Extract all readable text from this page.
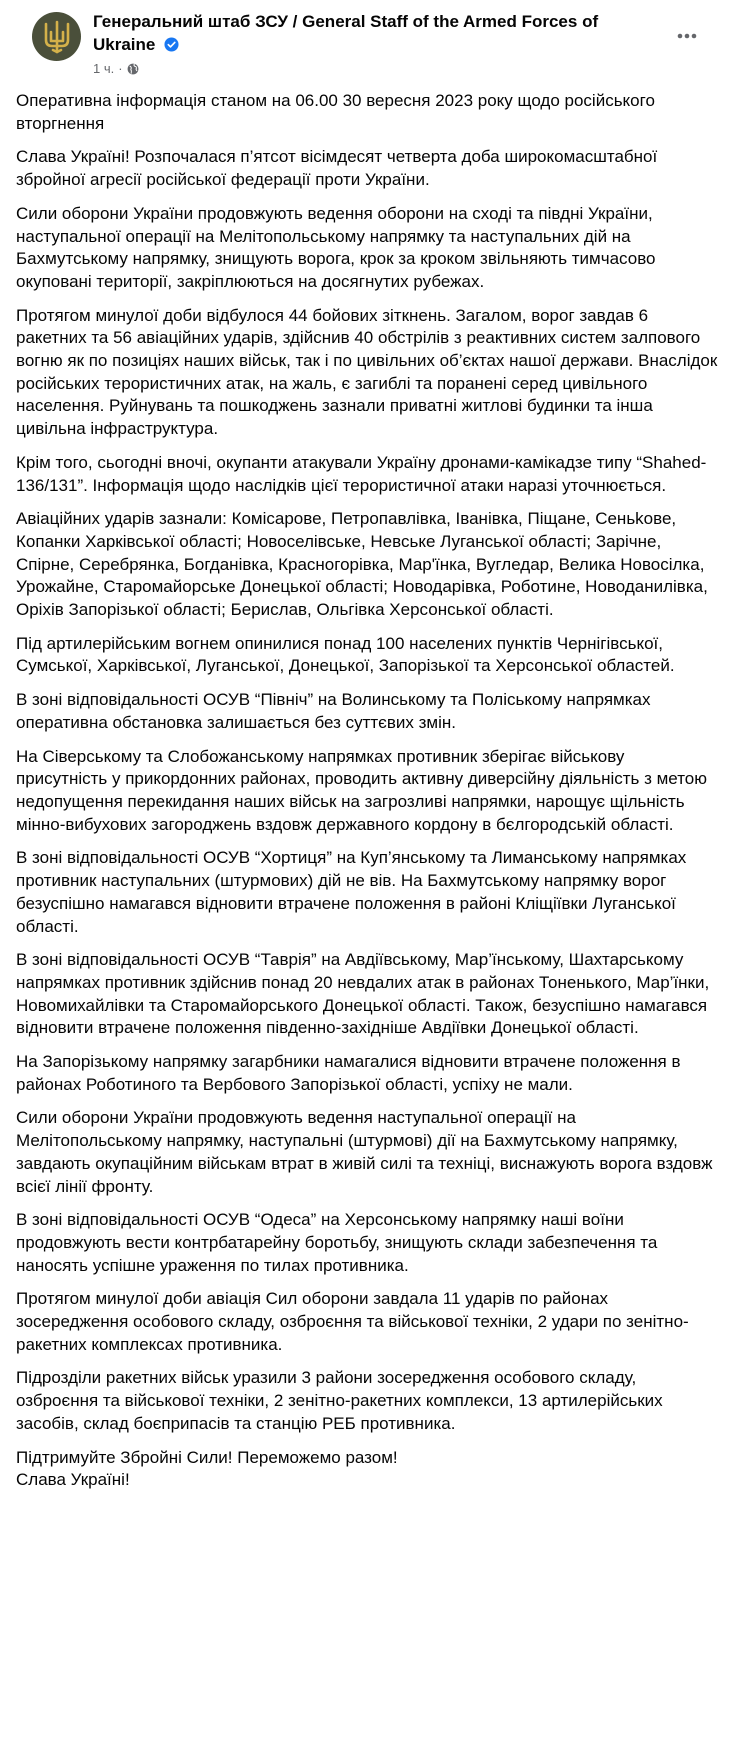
Генеральний штаб ЗСУ / General Staff of the Armed Forces of Ukraine
1 ч. ·

Оперативна інформація станом на 06.00 30 вересня 2023 року щодо російського вторгнення

Слава Україні! Розпочалася п’ятсот вісімдесят четверта доба широкомасштабної збройної агресії російської федерації проти України.

Сили оборони України продовжують ведення оборони на сході та півдні України, наступальної операції на Мелітопольському напрямку та наступальних дій на Бахмутському напрямку, знищують ворога, крок за кроком звільняють тимчасово окуповані території, закріплюються на досягнутих рубежах.

Протягом минулої доби відбулося 44 бойових зіткнень. Загалом, ворог завдав 6 ракетних та 56 авіаційних ударів, здійснив 40 обстрілів з реактивних систем залпового вогню як по позиціях наших військ, так і по цивільних об’єктах нашої держави. Внаслідок російських терористичних атак, на жаль, є загиблі та поранені серед цивільного населення. Руйнувань та пошкоджень зазнали приватні житлові будинки та інша цивільна інфраструктура.

Крім того, сьогодні вночі, окупанти атакували Україну дронами-камікадзе типу “Shahed-136/131”. Інформація щодо наслідків цієї терористичної атаки наразі уточнюється.

Авіаційних ударів зазнали: Комісарове, Петропавлівка, Іванівка, Піщане, Сеньkове, Копанки Харківської області; Новоселівське, Невське Луганської області; Зарічне, Спірне, Серебрянка, Богданівка, Красногорівка, Мар'їнка, Вугледар, Велика Новосілка, Урожайне, Старомайорське Донецької області; Новодарівка, Роботине, Новоданилівка, Оріхів Запорізької області; Берислав, Ольгівка Херсонської області.

Під артилерійським вогнем опинилися понад 100 населених пунктів Чернігівської, Сумської, Харківської, Луганської, Донецької, Запорізької та Херсонської областей.

В зоні відповідальності ОСУВ “Північ” на Волинському та Поліському напрямках оперативна обстановка залишається без суттєвих змін.

На Сіверському та Слобожанському напрямках противник зберігає військову присутність у прикордонних районах, проводить активну диверсійну діяльність з метою недопущення перекидання наших військ на загрозливі напрямки, нарощує щільність мінно-вибухових загороджень вздовж державного кордону в бєлгородській області.

В зоні відповідальності ОСУВ “Хортиця” на Куп’янському та Лиманському напрямках противник наступальних (штурмових) дій не вів. На Бахмутському напрямку ворог безуспішно намагався відновити втрачене положення в районі Кліщіївки Луганської області.

В зоні відповідальності ОСУВ “Таврія” на Авдіївському, Мар’їнському, Шахтарському напрямках противник здійснив понад 20 невдалих атак в районах Тоненького, Мар’їнки, Новомихайлівки та Старомайорського Донецької області. Також, безуспішно намагався відновити втрачене положення південно-західніше Авдіївки Донецької області.

На Запорізькому напрямку загарбники намагалися відновити втрачене положення в районах Роботиного та Вербового Запорізької області, успіху не мали.

Сили оборони України продовжують ведення наступальної операції на Мелітопольському напрямку, наступальні (штурмові) дії на Бахмутському напрямку, завдають окупаційним військам втрат в живій силі та техніці, виснажують ворога вздовж всієї лінії фронту.

В зоні відповідальності ОСУВ “Одеса” на Херсонському напрямку наші воїни продовжують вести контрбатарейну боротьбу, знищують склади забезпечення та наносять успішне ураження по тилах противника.

Протягом минулої доби авіація Сил оборони завдала 11 ударів по районах зосередження особового складу, озброєння та військової техніки, 2 удари по зенітно-ракетних комплексах противника.

Підрозділи ракетних військ уразили 3 райони зосередження особового складу, озброєння та військової техніки, 2 зенітно-ракетних комплекси, 13 артилерійських засобів, склад боєприпасів та станцію РЕБ противника.

Підтримуйте Збройні Сили! Переможемо разом!

Слава Україні!
